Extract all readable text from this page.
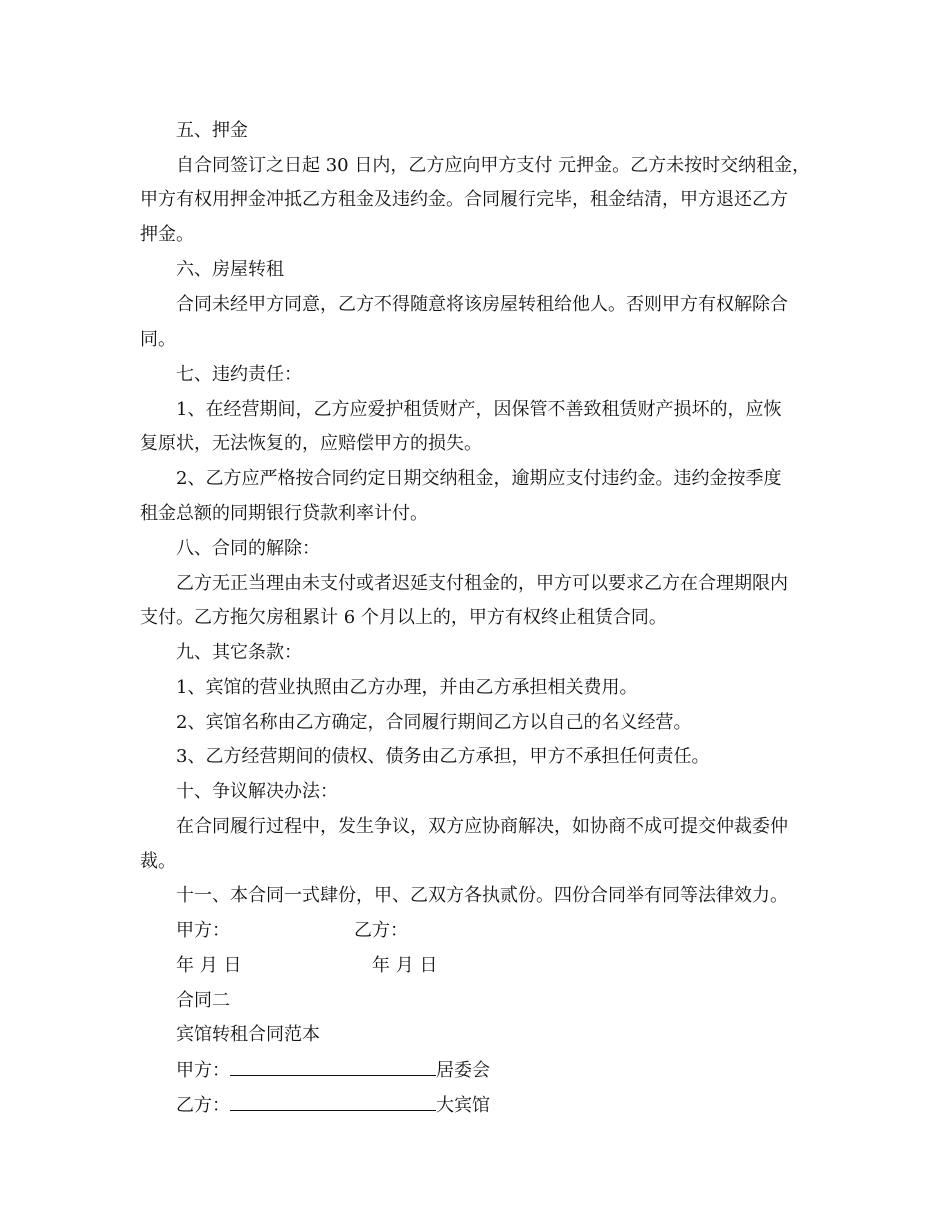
五、押金
自合同签订之日起 30 日内，乙方应向甲方支付 元押金。乙方未按时交纳租金，
甲方有权用押金冲抵乙方租金及违约金。合同履行完毕，租金结清，甲方退还乙方
押金。
六、房屋转租
合同未经甲方同意，乙方不得随意将该房屋转租给他人。否则甲方有权解除合
同。
七、违约责任：
1、在经营期间，乙方应爱护租赁财产，因保管不善致租赁财产损坏的，应恢
复原状，无法恢复的，应赔偿甲方的损失。
2、乙方应严格按合同约定日期交纳租金，逾期应支付违约金。违约金按季度
租金总额的同期银行贷款利率计付。
八、合同的解除：
乙方无正当理由未支付或者迟延支付租金的，甲方可以要求乙方在合理期限内
支付。乙方拖欠房租累计 6 个月以上的，甲方有权终止租赁合同。
九、其它条款：
1、宾馆的营业执照由乙方办理，并由乙方承担相关费用。
2、宾馆名称由乙方确定，合同履行期间乙方以自己的名义经营。
3、乙方经营期间的债权、债务由乙方承担，甲方不承担任何责任。
十、争议解决办法：
在合同履行过程中，发生争议，双方应协商解决，如协商不成可提交仲裁委仲
裁。
十一、本合同一式肆份，甲、乙双方各执贰份。四份合同举有同等法律效力。
甲方：	乙方：
年 月 日	年 月 日
合同二
宾馆转租合同范本
甲方：	居委会
乙方：	大宾馆
